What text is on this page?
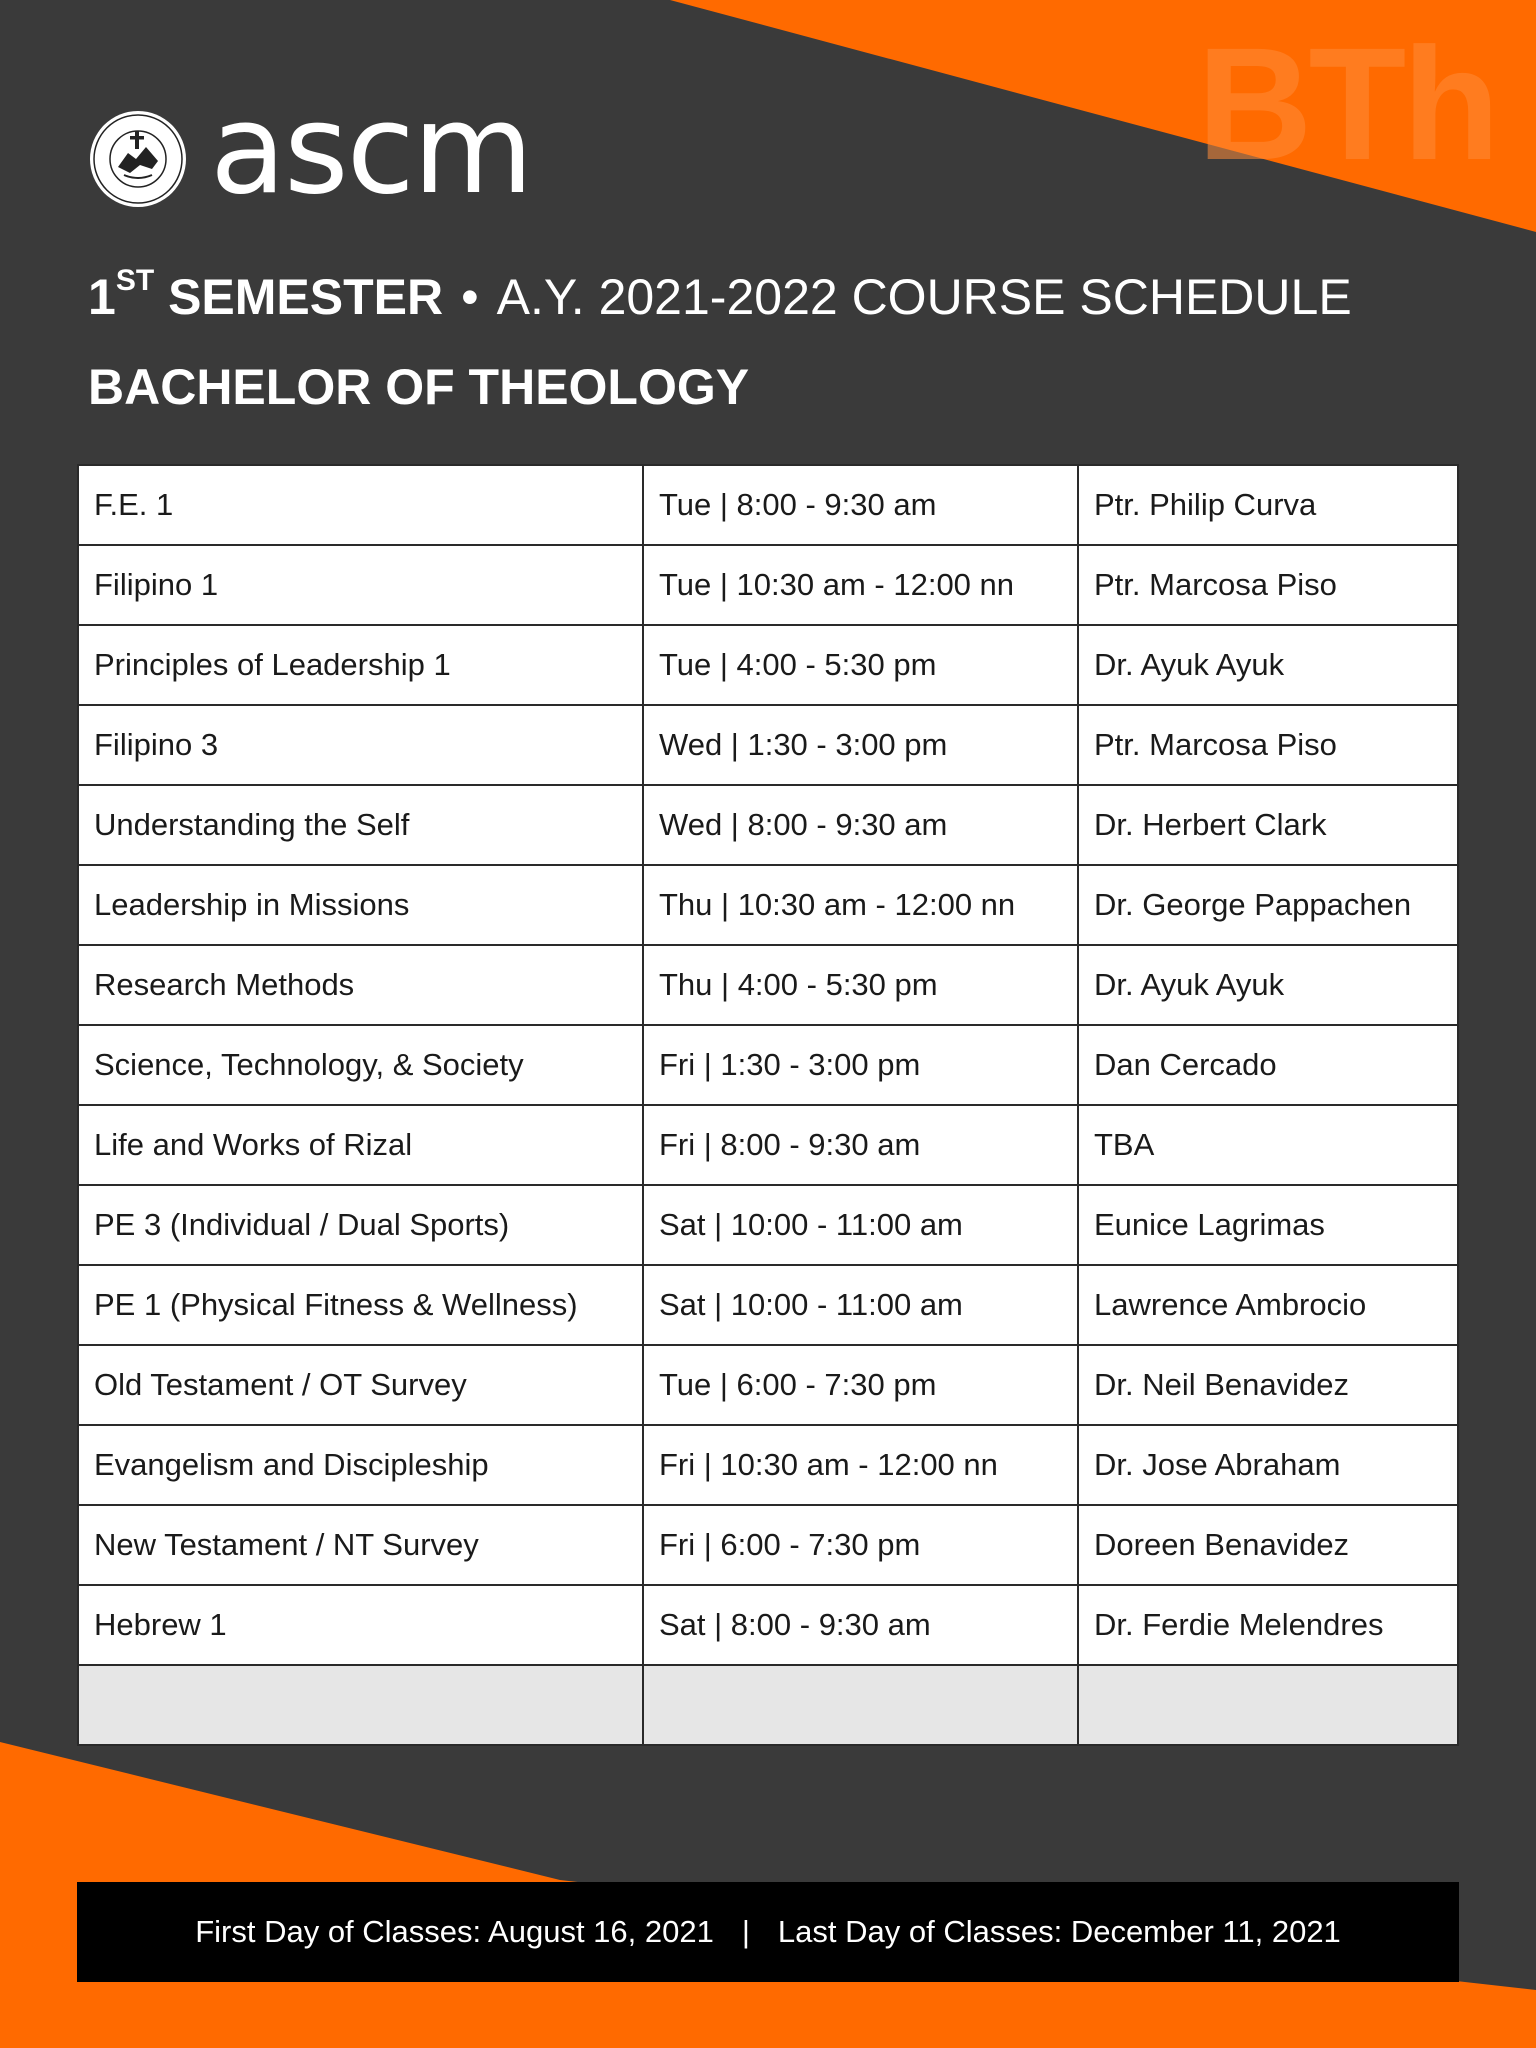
BTh
ascm
1ST SEMESTER • A.Y. 2021-2022 COURSE SCHEDULE
BACHELOR OF THEOLOGY
F.E. 1	Tue | 8:00 - 9:30 am	Ptr. Philip Curva
Filipino 1	Tue | 10:30 am - 12:00 nn	Ptr. Marcosa Piso
Principles of Leadership 1	Tue | 4:00 - 5:30 pm	Dr. Ayuk Ayuk
Filipino 3	Wed | 1:30 - 3:00 pm	Ptr. Marcosa Piso
Understanding the Self	Wed | 8:00 - 9:30 am	Dr. Herbert Clark
Leadership in Missions	Thu | 10:30 am - 12:00 nn	Dr. George Pappachen
Research Methods	Thu | 4:00 - 5:30 pm	Dr. Ayuk Ayuk
Science, Technology, & Society	Fri | 1:30 - 3:00 pm	Dan Cercado
Life and Works of Rizal	Fri | 8:00 - 9:30 am	TBA
PE 3 (Individual / Dual Sports)	Sat | 10:00 - 11:00 am	Eunice Lagrimas
PE 1 (Physical Fitness & Wellness)	Sat | 10:00 - 11:00 am	Lawrence Ambrocio
Old Testament / OT Survey	Tue | 6:00 - 7:30 pm	Dr. Neil Benavidez
Evangelism and Discipleship	Fri | 10:30 am - 12:00 nn	Dr. Jose Abraham
New Testament / NT Survey	Fri | 6:00 - 7:30 pm	Doreen Benavidez
Hebrew 1	Sat | 8:00 - 9:30 am	Dr. Ferdie Melendres

First Day of Classes: August 16, 2021 | Last Day of Classes: December 11, 2021
